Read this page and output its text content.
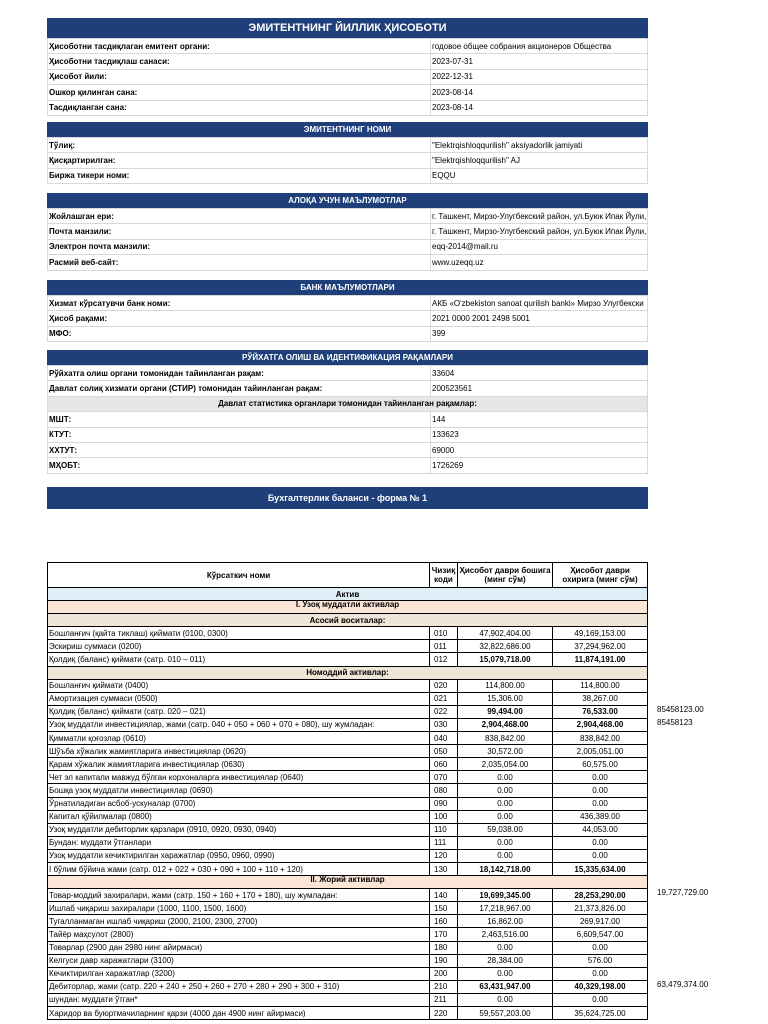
ЭМИТЕНТНИНГ ЙИЛЛИК ҲИСОБОТИ
Ҳисоботни тасдиқлаган емитент органи:	годовое общее собрания акционеров Общества
Ҳисоботни тасдиқлаш санаси:	2023-07-31
Ҳисобот йили:	2022-12-31
Ошкор қилинган сана:	2023-08-14
Тасдиқланган сана:	2023-08-14
ЭМИТЕНТНИНГ НОМИ
Тўлиқ:	"Elektrqishloqqurilish" aksiyadorlik jamiyati
Қисқартирилган:	"Elektrqishloqqurilish" AJ
Биржа тикери номи:	EQQU
АЛОҚА УЧУН МАЪЛУМОТЛАР
Жойлашган ери:	г. Ташкент, Мирзо-Улугбекский район, ул.Буюк Ипак Йули,
Почта манзили:	г. Ташкент, Мирзо-Улугбекский район, ул.Буюк Ипак Йули,
Электрон почта манзили:	eqq-2014@mail.ru
Расмий веб-сайт:	www.uzeqq.uz
БАНК МАЪЛУМОТЛАРИ
Хизмат кўрсатувчи банк номи:	АКБ «O'zbekiston sanoat qurilish banki» Мирзо Улугбекски
Ҳисоб рақами:	2021 0000 2001 2498 5001
МФО:	399
РЎЙХАТГА ОЛИШ ВА ИДЕНТИФИКАЦИЯ РАҚАМЛАРИ
Рўйхатга олиш органи томонидан тайинланган рақам:	33604
Давлат солиқ хизмати органи (СТИР) томонидан тайинланган рақам:	200523561
Давлат статистика органлари томонидан тайинланган рақамлар:	
МШТ:	144
КТУТ:	133623
ХХТУТ:	69000
МҲОБТ:	1726269
Бухгалтерлик баланси - форма № 1
Кўрсаткич номи	Чизиқ коди	Ҳисобот даври бошига (минг сўм)	Ҳисобот даври охирига (минг сўм)
Актив			
I. Узоқ муддатли активлар			
Асосий воситалар:			
Бошланғич (қайта тиклаш) қиймати (0100, 0300)	010	47,902,404.00	49,169,153.00
Эскириш суммаси (0200)	011	32,822,686.00	37,294,962.00
Қолдиқ (баланс) қиймати (сатр. 010 – 011)	012	15,079,718.00	11,874,191.00
Номоддий активлар:			
Бошланғич қиймати (0400)	020	114,800.00	114,800.00
Амортизация суммаси (0500)	021	15,306.00	38,267.00
Қолдиқ (баланс) қиймати (сатр. 020 – 021)	022	99,494.00	76,533.00
Узоқ муддатли инвестициялар, жами (сатр. 040 + 050 + 060 + 070 + 080), шу жумладан:	030	2,904,468.00	2,904,468.00
Қимматли қоғозлар (0610)	040	838,842.00	838,842.00
Шўъба хўжалик жамиятларига инвестициялар (0620)	050	30,572.00	2,005,051.00
Қарам хўжалик жамиятларига инвестициялар (0630)	060	2,035,054.00	60,575.00
Чет эл капитали мавжуд бўлган корхоналарга инвестициялар (0640)	070	0.00	0.00
Бошқа узоқ муддатли инвестициялар (0690)	080	0.00	0.00
Ўрнатиладиган асбоб-ускуналар (0700)	090	0.00	0.00
Капитал қўйилмалар (0800)	100	0.00	436,389.00
Узоқ муддатли дебиторлик қарзлари (0910, 0920, 0930, 0940)	110	59,038.00	44,053.00
Бундан: муддати ўтганлари	111	0.00	0.00
Узоқ муддатли кечиктирилган харажатлар (0950, 0960, 0990)	120	0.00	0.00
I бўлим бўйича жами (сатр. 012 + 022 + 030 + 090 + 100 + 110 + 120)	130	18,142,718.00	15,335,634.00
II. Жорий активлар			
Товар-моддий захиралари, жами (сатр. 150 + 160 + 170 + 180), шу жумладан:	140	19,699,345.00	28,253,290.00
Ишлаб чиқариш захиралари (1000, 1100, 1500, 1600)	150	17,218,967.00	21,373,826.00
Тугалланмаган ишлаб чиқариш (2000, 2100, 2300, 2700)	160	16,862.00	269,917.00
Тайёр маҳсулот (2800)	170	2,463,516.00	6,609,547.00
Товарлар (2900 дан 2980 нинг айирмаси)	180	0.00	0.00
Келгуси давр харажатлари (3100)	190	28,384.00	576.00
Кечиктирилган харажатлар (3200)	200	0.00	0.00
Дебиторлар, жами (сатр. 220 + 240 + 250 + 260 + 270 + 280 + 290 + 300 + 310)	210	63,431,947.00	40,329,198.00
шундан: муддати ўтган*	211	0.00	0.00
Харидор ва буюртмачиларнинг қарзи (4000 дан 4900 нинг айирмаси)	220	59,557,203.00	35,624,725.00
85458123.00
85458123
19,727,729.00
63,479,374.00
